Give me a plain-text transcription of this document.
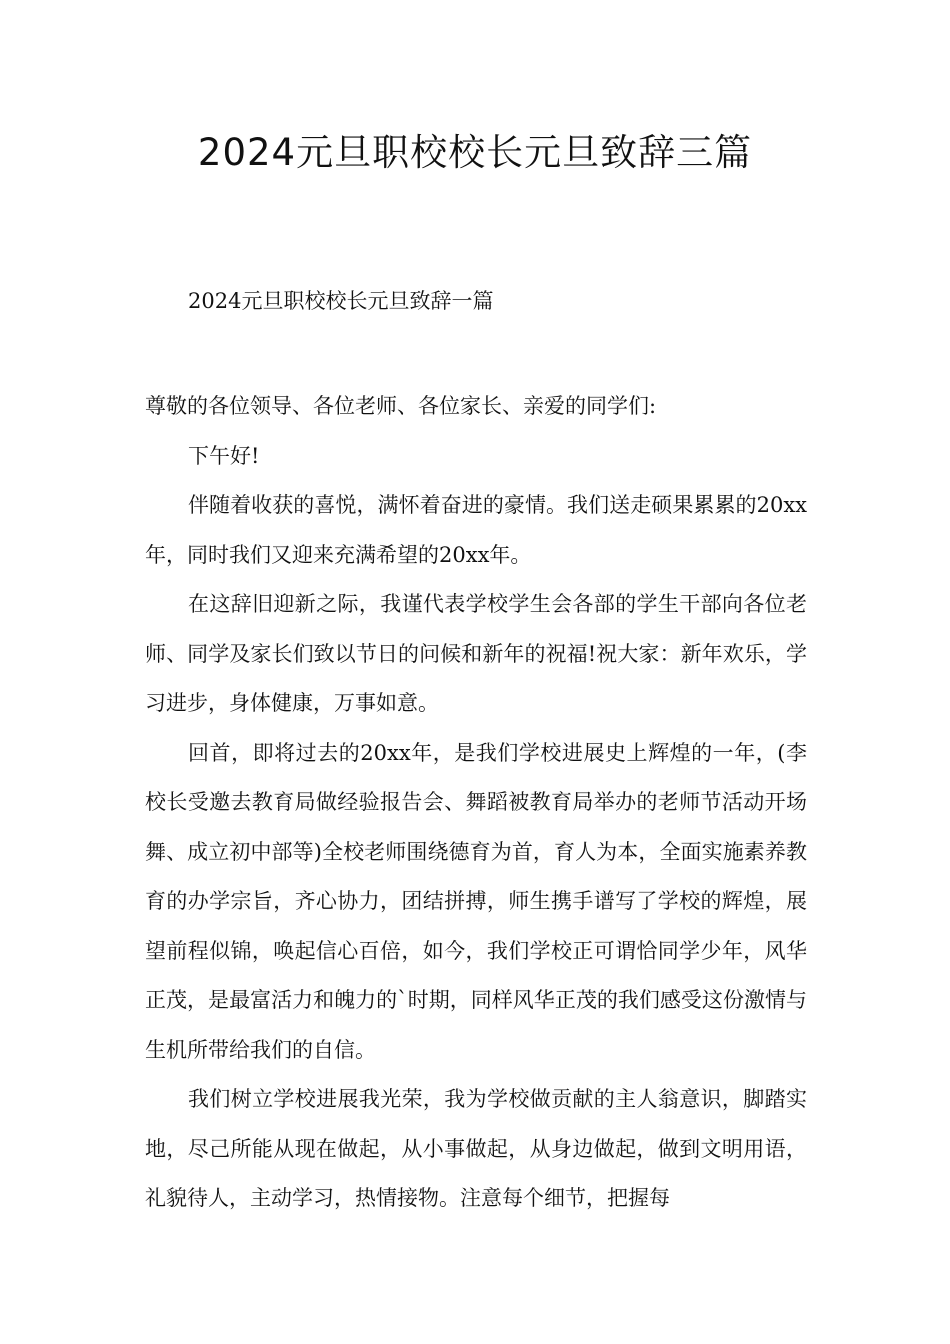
2024元旦职校校长元旦致辞三篇

2024元旦职校校长元旦致辞一篇

尊敬的各位领导、各位老师、各位家长、亲爱的同学们:

下午好!

伴随着收获的喜悦，满怀着奋进的豪情。我们送走硕果累累的20xx年，同时我们又迎来充满希望的20xx年。

在这辞旧迎新之际，我谨代表学校学生会各部的学生干部向各位老师、同学及家长们致以节日的问候和新年的祝福!祝大家：新年欢乐，学习进步，身体健康，万事如意。

回首，即将过去的20xx年，是我们学校进展史上辉煌的一年，(李校长受邀去教育局做经验报告会、舞蹈被教育局举办的老师节活动开场舞、成立初中部等)全校老师围绕德育为首，育人为本，全面实施素养教育的办学宗旨，齐心协力，团结拼搏，师生携手谱写了学校的辉煌，展望前程似锦，唤起信心百倍，如今，我们学校正可谓恰同学少年，风华正茂，是最富活力和魄力的`时期，同样风华正茂的我们感受这份激情与生机所带给我们的自信。

我们树立学校进展我光荣，我为学校做贡献的主人翁意识，脚踏实地，尽己所能从现在做起，从小事做起，从身边做起，做到文明用语，礼貌待人，主动学习，热情接物。注意每个细节，把握每
